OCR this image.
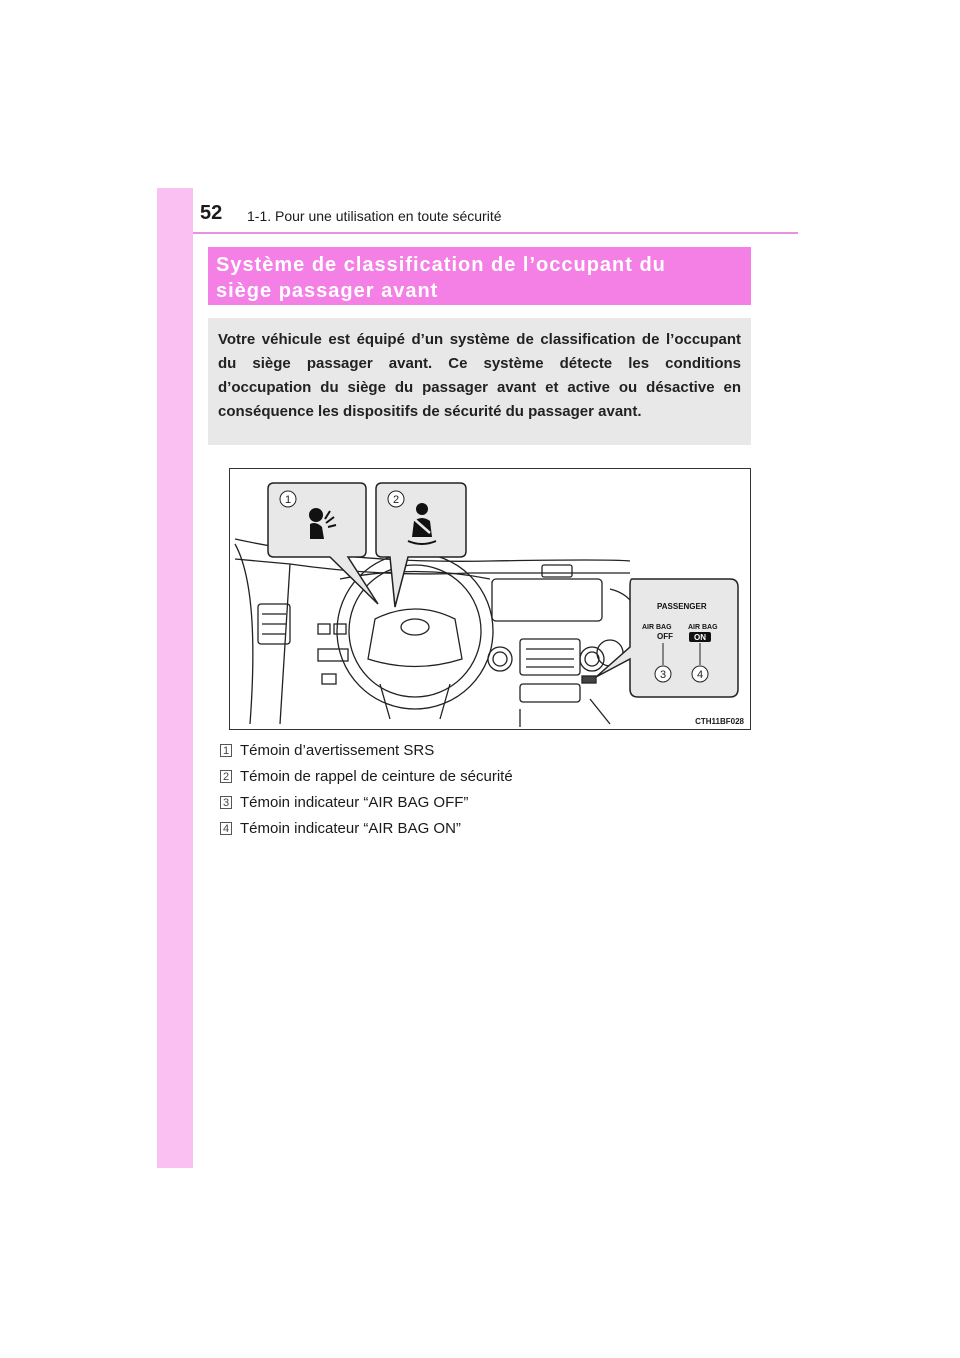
52 1-1. Pour une utilisation en toute sécurité
Système de classification de l’occupant du
siège passager avant
Votre véhicule est équipé d’un système de classification de l’occupant du siège passager avant. Ce système détecte les conditions d’occupation du siège du passager avant et active ou désactive en conséquence les dispositifs de sécurité du passager avant.
PASSENGER
AIR BAG
OFF
AIR BAG
ON
1	2
3	4
CTH11BF028
1 Témoin d’avertissement SRS
2 Témoin de rappel de ceinture de sécurité
3 Témoin indicateur “AIR BAG OFF”
4 Témoin indicateur “AIR BAG ON”
